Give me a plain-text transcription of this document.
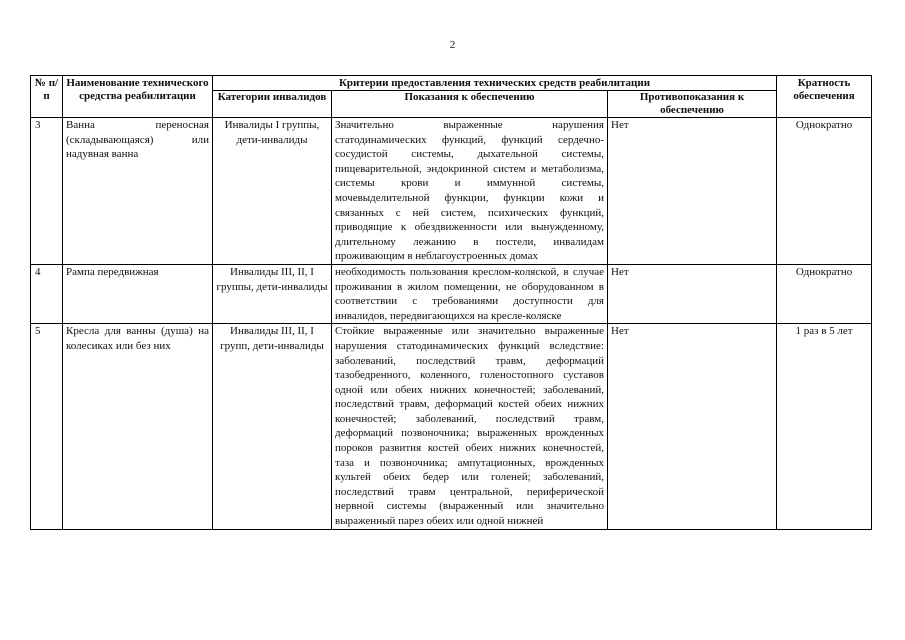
2
№ п/п	Наименование технического средства реабилитации	Критерии предоставления технических средств реабилитации			Кратность обеспечения
		Категории инвалидов	Показания к обеспечению	Противопоказания к обеспечению	
3	Ванна переносная (складывающаяся) или надувная ванна	Инвалиды I группы, дети-инвалиды	Значительно выраженные нарушения статодинамических функций, функций сердечно-сосудистой системы, дыхательной системы, пищеварительной, эндокринной систем и метаболизма, системы крови и иммунной системы, мочевыделительной функции, функции кожи и связанных с ней систем, психических функций, приводящие к обездвиженности или вынужденному, длительному лежанию в постели, инвалидам проживающим в неблагоустроенных домах	Нет	Однократно
4	Рампа передвижная	Инвалиды III, II, I группы, дети-инвалиды	необходимость пользования креслом-коляской, в случае проживания в жилом помещении, не оборудованном в соответствии с требованиями доступности для инвалидов, передвигающихся на кресле-коляске	Нет	Однократно
5	Кресла для ванны (душа) на колесиках или без них	Инвалиды III, II, I групп, дети-инвалиды	Стойкие выраженные или значительно выраженные нарушения статодинамических функций вследствие: заболеваний, последствий травм, деформаций тазобедренного, коленного, голеностопного суставов одной или обеих нижних конечностей; заболеваний, последствий травм, деформаций костей обеих нижних конечностей; заболеваний, последствий травм, деформаций позвоночника; выраженных врожденных пороков развития костей обеих нижних конечностей, таза и позвоночника; ампутационных, врожденных культей обеих бедер или голеней; заболеваний, последствий травм центральной, периферической нервной системы (выраженный или значительно выраженный парез обеих или одной нижней	Нет	1 раз в 5 лет
